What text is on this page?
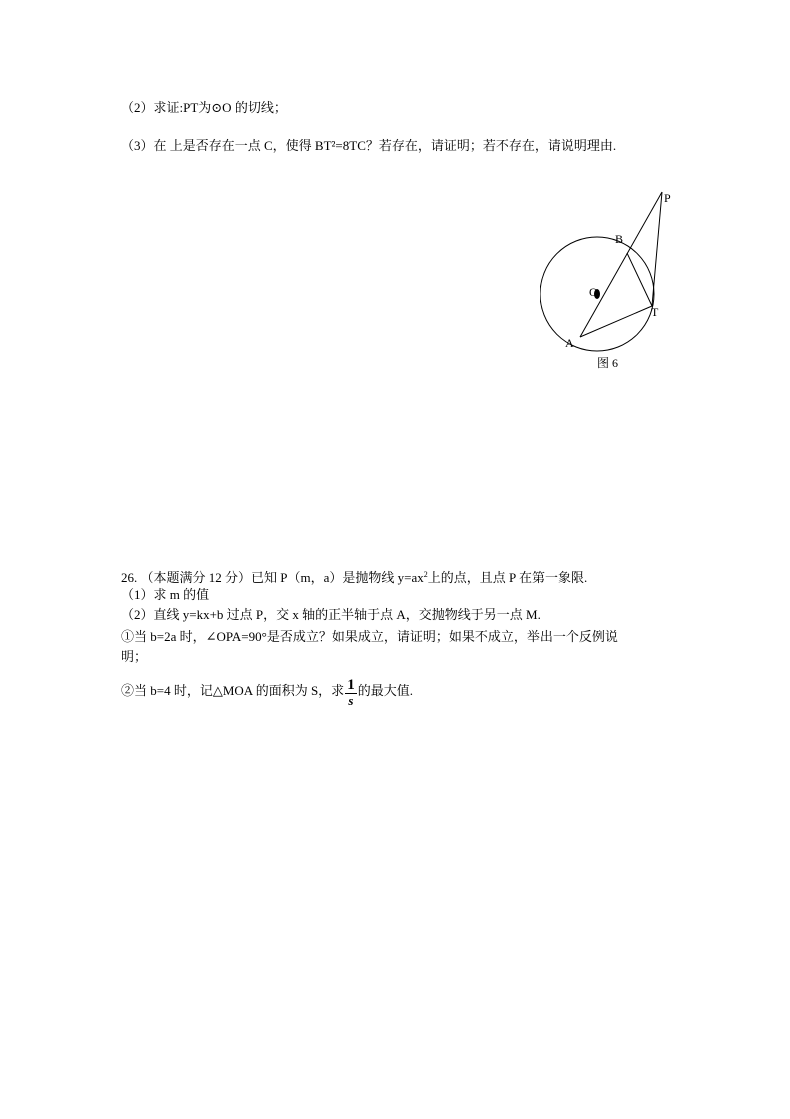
（2）求证:PT为⊙O 的切线；
（3）在 上是否存在一点 C，使得 BT²=8TC？若存在，请证明；若不存在，请说明理由.
P
B
O
T
A
图 6
26. （本题满分 12 分）已知 P（m，a）是抛物线 $y=ax^2$上的点，且点 P 在第一象限.
（1）求 m 的值
（2）直线 y=kx+b 过点 P，交 x 轴的正半轴于点 A，交抛物线于另一点 M.
①当 b=2a 时，∠OPA=90°是否成立？如果成立，请证明；如果不成立，举出一个反例说
明；
②当 b=4 时，记△MOA 的面积为 S，求 $\frac{1}{s}$ 的最大值.
